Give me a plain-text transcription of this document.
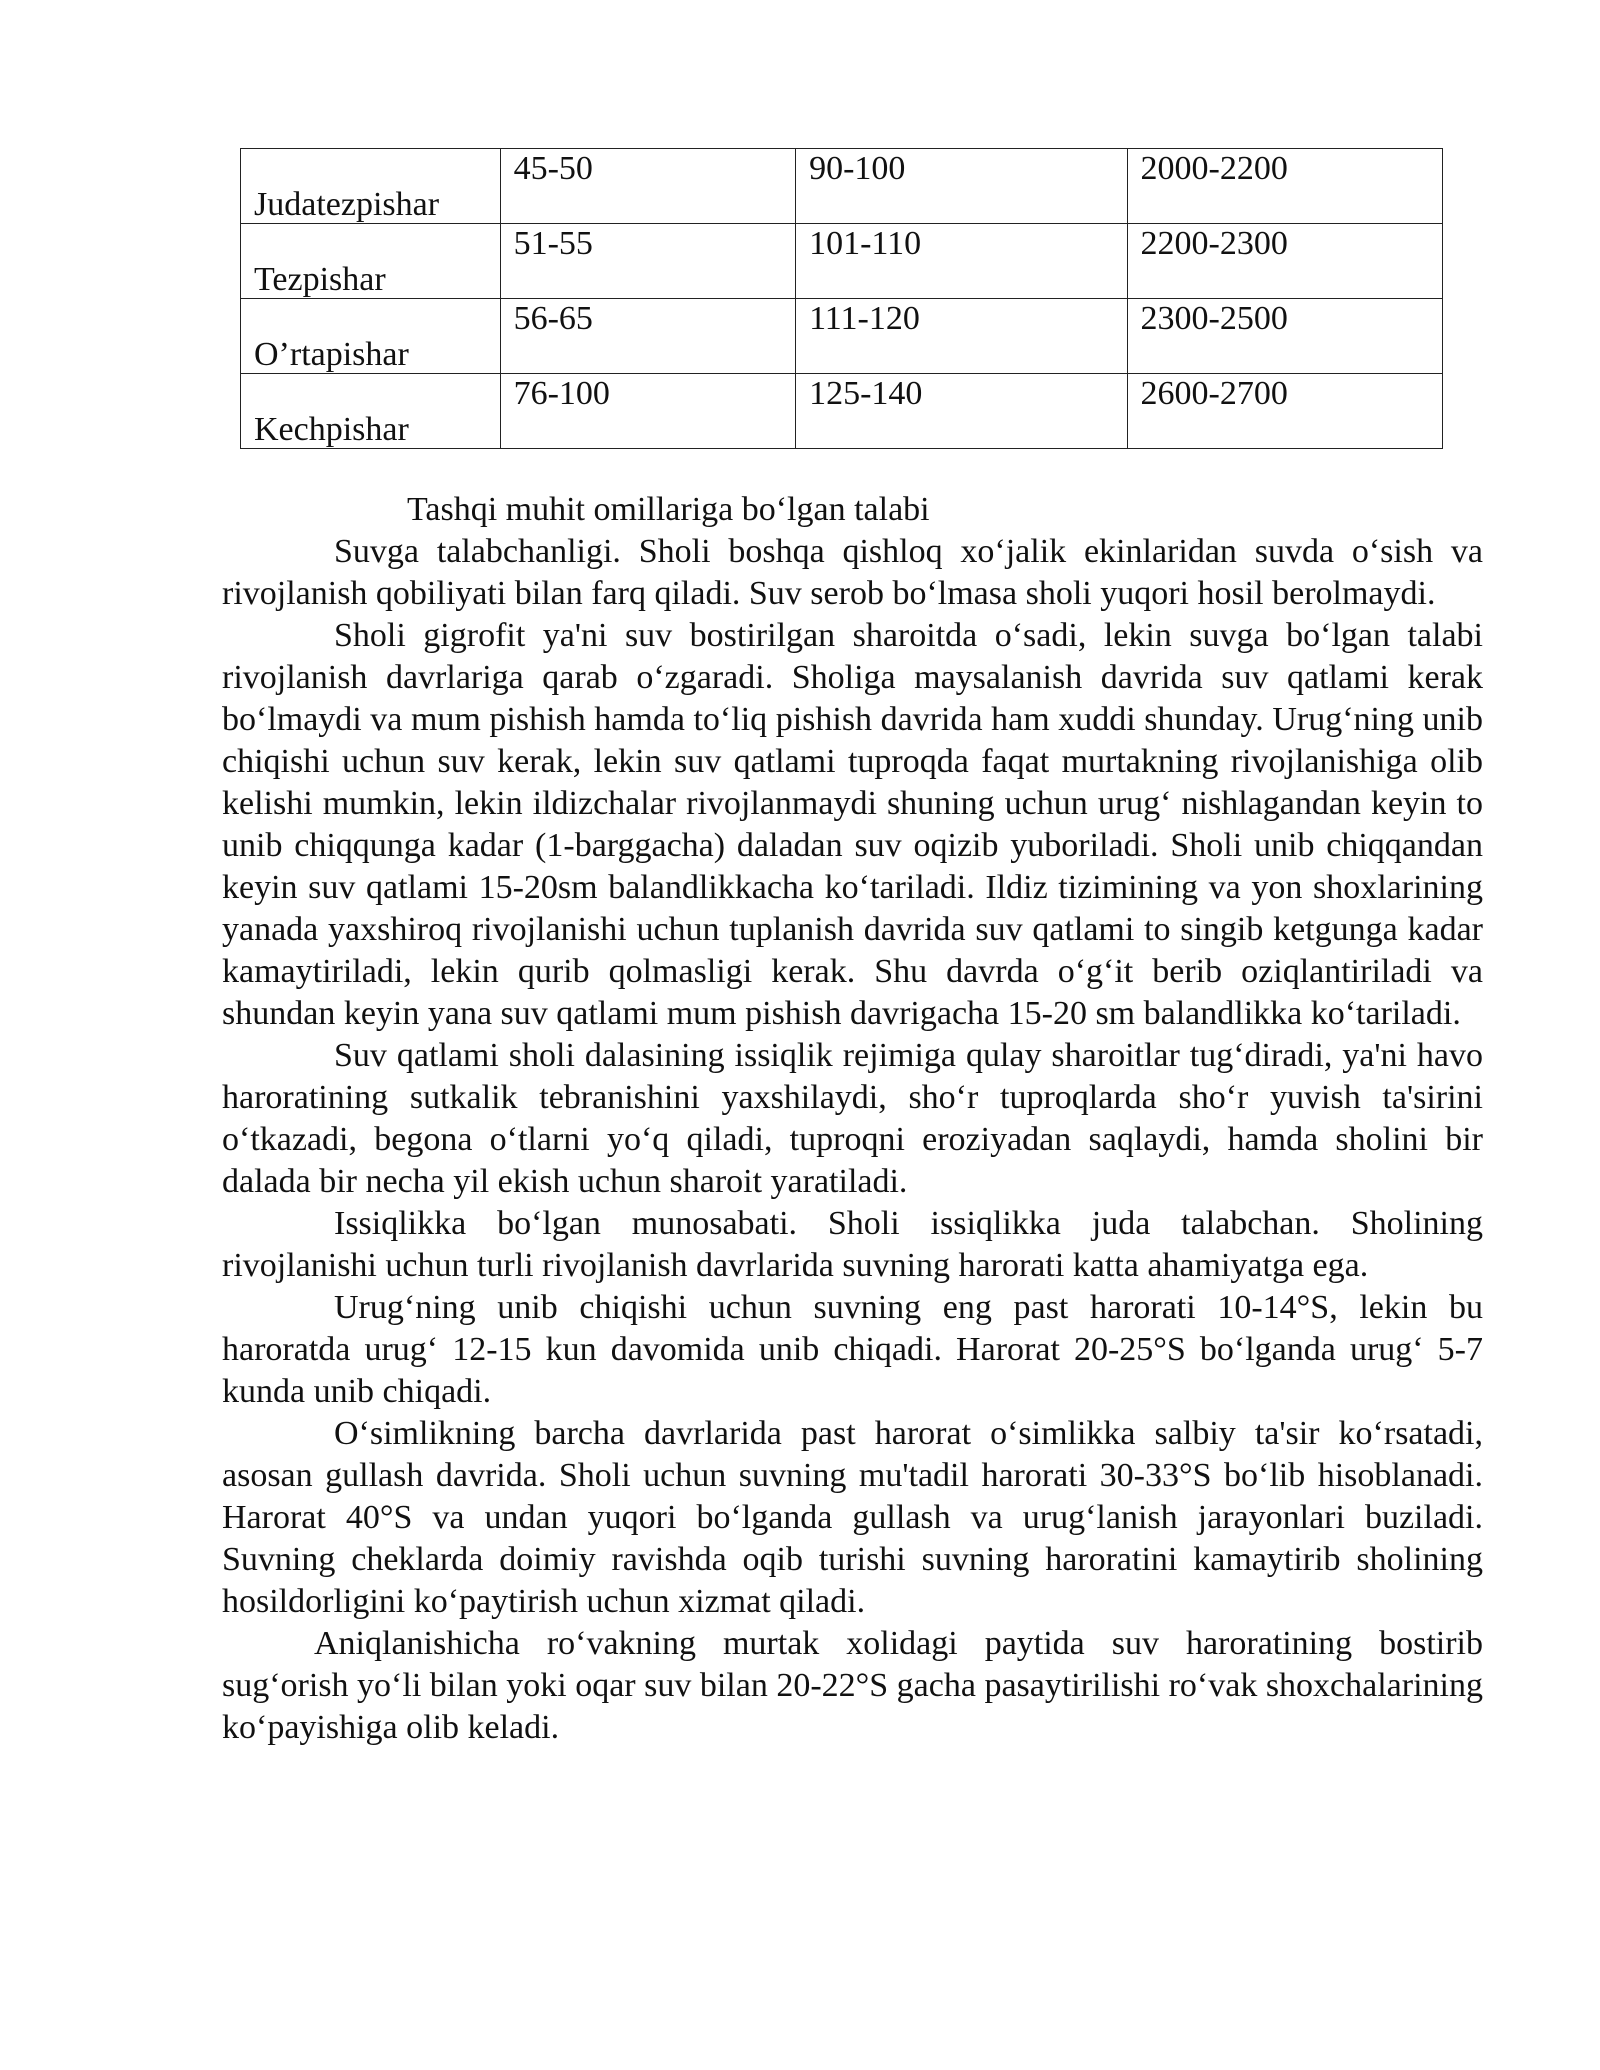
Judatezpishar	45-50	90-100	2000-2200

Tezpishar	51-55	101-110	2200-2300

O’rtapishar	56-65	111-120	2300-2500

Kechpishar	76-100	125-140	2600-2700
Tashqi muhit omillariga bo‘lgan talabi

Suvga talabchanligi. Sholi boshqa qishloq xo‘jalik ekinlaridan suvda o‘sish va rivojlanish qobiliyati bilan farq qiladi. Suv serob bo‘lmasa sholi yuqori hosil berolmaydi.

Sholi gigrofit ya'ni suv bostirilgan sharoitda o‘sadi, lekin suvga bo‘lgan talabi rivojlanish davrlariga qarab o‘zgaradi. Sholiga maysalanish davrida suv qatlami kerak bo‘lmaydi va mum pishish hamda to‘liq pishish davrida ham xuddi shunday. Urug‘ning unib chiqishi uchun suv kerak, lekin suv qatlami tuproqda faqat murtakning rivojlanishiga olib kelishi mumkin, lekin ildizchalar rivojlanmaydi shuning uchun urug‘ nishlagandan keyin to unib chiqqunga kadar (1-barggacha) daladan suv oqizib yuboriladi. Sholi unib chiqqandan keyin suv qatlami 15-20sm balandlikkacha ko‘tariladi. Ildiz tizimining va yon shoxlarining yanada yaxshiroq rivojlanishi uchun tuplanish davrida suv qatlami to singib ketgunga kadar kamaytiriladi, lekin qurib qolmasligi kerak. Shu davrda o‘g‘it berib oziqlantiriladi va shundan keyin yana suv qatlami mum pishish davrigacha 15-20 sm balandlikka ko‘tariladi.

Suv qatlami sholi dalasining issiqlik rejimiga qulay sharoitlar tug‘diradi, ya'ni havo haroratining sutkalik tebranishini yaxshilaydi, sho‘r tuproqlarda sho‘r yuvish ta'sirini o‘tkazadi, begona o‘tlarni yo‘q qiladi, tuproqni eroziyadan saqlaydi, hamda sholini bir dalada bir necha yil ekish uchun sharoit yaratiladi.

Issiqlikka bo‘lgan munosabati. Sholi issiqlikka juda talabchan. Sholining rivojlanishi uchun turli rivojlanish davrlarida suvning harorati katta ahamiyatga ega.

Urug‘ning unib chiqishi uchun suvning eng past harorati 10-14°S, lekin bu haroratda urug‘ 12-15 kun davomida unib chiqadi. Harorat 20-25°S bo‘lganda urug‘ 5-7 kunda unib chiqadi.

O‘simlikning barcha davrlarida past harorat o‘simlikka salbiy ta'sir ko‘rsatadi, asosan gullash davrida. Sholi uchun suvning mu'tadil harorati 30-33°S bo‘lib hisoblanadi. Harorat 40°S va undan yuqori bo‘lganda gullash va urug‘lanish jarayonlari buziladi. Suvning cheklarda doimiy ravishda oqib turishi suvning haroratini kamaytirib sholining hosildorligini ko‘paytirish uchun xizmat qiladi.

Aniqlanishicha ro‘vakning murtak xolidagi paytida suv haroratining bostirib sug‘orish yo‘li bilan yoki oqar suv bilan 20-22°S gacha pasaytirilishi ro‘vak shoxchalarining ko‘payishiga olib keladi.
